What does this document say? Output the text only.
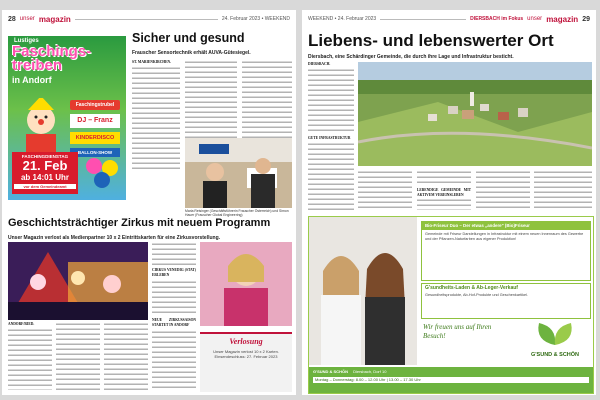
28 unser magazin	24. Februar 2023 • WEEKEND
Lustiges
Faschings-
treiben
in Andorf
Faschingstrubel
DJ – Franz
KINDERDISCO
BALLON-SHOW
FASCHINGDIENSTAG
21. Feb
ab 14:01 Uhr
vor dem Gemeindeamt
Sicher und gesund
Frauscher Sensortechnik erhält AUVA-Gütesiegel.
ST. MARIENKIRCHEN.
Maria Reisinger (Geschäftsführerin Frauscher Österreich) und Simon Hauer (Frauscher Global Engineering)
Geschichtsträchtiger Zirkus mit neuem Programm
Unser Magazin verlost als Medienpartner 10 x 2 Eintrittskarten für eine Zirkusvorstellung.
ANDORF/RIED.
CIRKUS VENEDIG (STAT) ERLEBEN
NEUE ZIRKUSSAISON STARTET IN ANDORF
Verlosung
Unser Magazin verlost 10 x 2 Karten. Einsendeschluss: 27. Februar 2023
WEEKEND • 24. Februar 2023	DIERSBACH im Fokus unser magazin 29
Liebens- und lebenswerter Ort
Diersbach, eine Schärdinger Gemeinde, die durch ihre Lage und Infrastruktur besticht.
DIERSBACH.
GUTE INFRASTRUKTUR
LEBENDIGE GEMEINDE MIT AKTIVEM VEREINSLEBEN
Bio-Friseur Duo – Der etwas „andere" (Bio)Friseur
Gemeinde mit Friseur Darstellungen in Infrastruktur mit einem neuen Innenraum des Gewerbe und der Pflanzen-Naturfarben aus eigener Produktion!
G'sundheits-Laden & Ab-Leger-Verkauf
Gesundheitsprodukte, Ab-Hof-Produkte und Geschenkartikel.
Wir freuen uns auf Ihren Besuch!
G'SUND & SCHÖN
G'SUND & SCHÖN Diersbach, Dorf 10
Montag – Donnerstag: 8.00 – 12.00 Uhr | 13.00 – 17.30 Uhr
